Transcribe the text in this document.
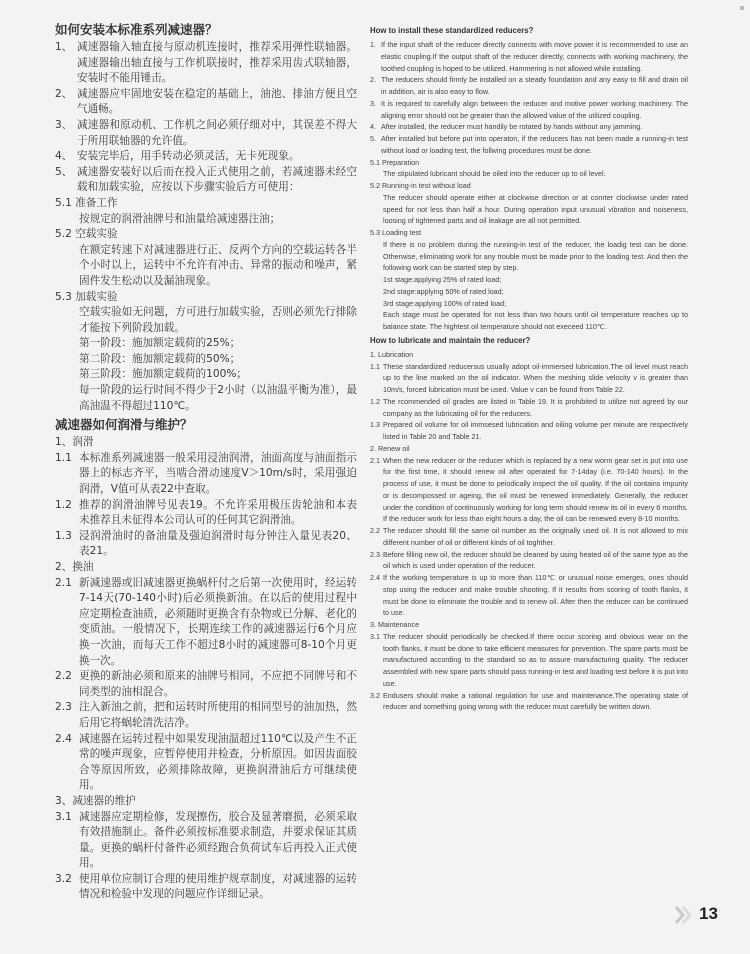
如何安装本标准系列减速器？
1、 减速器输入轴直接与原动机连接时，推荐采用弹性联轴器。减速器输出轴直接与工作机联接时，推荐采用齿式联轴器，安装时不能用锤击。
2、 减速器应牢固地安装在稳定的基础上，油池、排油方便且空气通畅。
3、 减速器和原动机、工作机之间必须仔细对中，其误差不得大于所用联轴器的允许值。
4、 安装完毕后，用手转动必须灵活，无卡死现象。
5、 减速器安装好以后而在投入正式使用之前，若减速器未经空载和加载实验，应按以下步骤实验后方可使用：
5.1 准备工作
按规定的润滑油牌号和油量给减速器注油；
5.2 空载实验
在额定转速下对减速器进行正、反两个方向的空载运转各半个小时以上，运转中不允许有冲击、异常的振动和噪声，紧固件发生松动以及漏油现象。
5.3 加载实验
空载实验如无问题，方可进行加载实验，否则必须先行排除才能按下列阶段加载。
第一阶段：施加额定载荷的25%；
第二阶段：施加额定载荷的50%；
第三阶段：施加额定载荷的100%；
每一阶段的运行时间不得少于2小时（以油温平衡为准），最高油温不得超过110℃。
减速器如何润滑与维护？
1、润滑
1.1 本标准系列减速器一般采用浸油润滑，油面高度与油面指示器上的标志齐平，当啮合滑动速度V＞10m/s时，采用强迫润滑，V值可从表22中查取。
1.2 推荐的润滑油牌号见表19。不允许采用极压齿轮油和本表未推荐且未征得本公司认可的任何其它润滑油。
1.3 浸润滑油时的备油量及强迫润滑时每分钟注入量见表20、表21。
2、换油
2.1 新减速器或旧减速器更换蜗杆付之后第一次使用时，经运转7-14天(70-140小时)后必须换新油。在以后的使用过程中应定期检查油质，必须随时更换含有杂物或已分解、老化的变质油。一般情况下，长期连续工作的减速器运行6个月应换一次油，而每天工作不超过8小时的减速器可8-10个月更换一次。
2.2 更换的新油必须和原来的油牌号相同，不应把不同牌号和不同类型的油相混合。
2.3 注入新油之前，把和运转时所使用的相同型号的油加热，然后用它将蜗轮清洗洁净。
2.4 减速器在运转过程中如果发现油温超过110℃以及产生不正常的噪声现象，应暂停使用并检查，分析原因。如因齿面胶合等原因所致，必须排除故障，更换润滑油后方可继续使用。
3、减速器的维护
3.1 减速器应定期检修，发现擦伤，胶合及显著磨损，必须采取有效措施制止。备件必须按标准要求制造，并要求保证其质量。更换的蜗杆付备件必须经跑合负荷试车后再投入正式使用。
3.2 使用单位应制订合理的使用维护规章制度，对减速器的运转情况和检验中发现的问题应作详细记录。
How to install these standardized reducers?
1. If the input shaft of the reducer directly connects with move power it is recommended to use an elastic coupling.If the output shaft of the reducer directly, connects with working machinery, the toothed coupling is hoped to be utilized. Hammering is not allowed while installing.
2. The reducers should firmly be installed on a steady foundation and any easy to fill and drain oil in addition, air is also easy to flow.
3. It is required to carefully align between the reducer and motive power working machinery. The aligning error should not be greater than the allowed value of the utilized coupling.
4. After installed, the reducer must handily be rotated by hands without any jamming.
5. After installed but before put into operaton, if the reducers has not been made a running-in test without load or loading test, the follwing procedures must be done.
5.1 Preparation
The stipulated lubricant should be oiled into the reducer up to oil level.
5.2 Running-in test without load
The reducer should operate either at clockwise direction or at conrter clockwise under rated speed for not less than half a hour. During operation input unusual vibration and noiseness, loosing of tightened parts and oil leakage are all not permitted.
5.3 Loading test
If there is no problem during the running-in test of the reducer, the loadig test can be done. Otherwise, eliminating work for any trouble must be made prior to the loading test. And then the following work can be started step by step.
1st stage:applying 25% of rated load;
2nd stage:applying 50% of rated load;
3rd stage:applying 100% of rated load;
Each stage must be operated for not less than two hours until oil temperature reaches up to balance state. The hightest oil temperature should not execeed 110℃.
How to lubricate and maintain the reducer?
1. Lubrication
1.1 These standardized reducersus usually adopt oil-immersed lubrication.The oil level must reach up to the line marked on the oil indicator. When the meshing slide velocity v is greater than 10m/s, forced lubrication must be used. Value v can be found from Table 22.
1.2 The rcommended oil grades are listed in Table 19. It is prohibited to utilize not agreed by our company as the lubricating oil for the reducers.
1.3 Prepared oil volume for oil immsesed lubrication and oiling volume per minute are respectively listed in Table 20 and Table 21.
2. Renew oil
2.1 When the new reducer or the reducer which is replaced by a new worm gear set is put into use for the first time, it should renew oil after operated for 7-14day (i.e. 70-140 hours). In the process of use, it must be done to peiodically inspect the oil quality. If the oil contains impurity or is decompossed or ageing, the oil must be renewed immediately. Generally, the reducer under the condition of continuously working for long term should renew its oil in every 6 months. If the reducer work for less than eight hours a day, the oil can be renewed every 8-10 months.
2.2 The reducer should fill the same oil number as the originally used oil. It is not allowed to mix different number of oil or different kinds of oil toghther.
2.3 Before filling new oil, the reducer should be cleaned by using heated oil of the same type as the oil which is used under operation of the reducer.
2.4 If the working temperature is up to more than 110℃ or unusual noise emerges, ones should stop using the reducer and make trouble shooting. If it results from scoring of tooth flanks, it must be done to eliminate the trouble and to renew oil. After then the reducer can be continued to use.
3. Maintenance
3.1 The reducer should periodically be checked.If there occur scoring and obvious wear on the tooth flanks, it must be done to take efficient measures for prevention. The spare parts must be manufactured according to the standard so as to assure manufacturing quality. The reducer assembled with new spare parts should pass running-in test and loading test before it is put into use.
3.2 Endusers should make a rational regulation for use and maintenance.The operating state of reducer and something going wrong with the reducer must carefully be written down.
13
